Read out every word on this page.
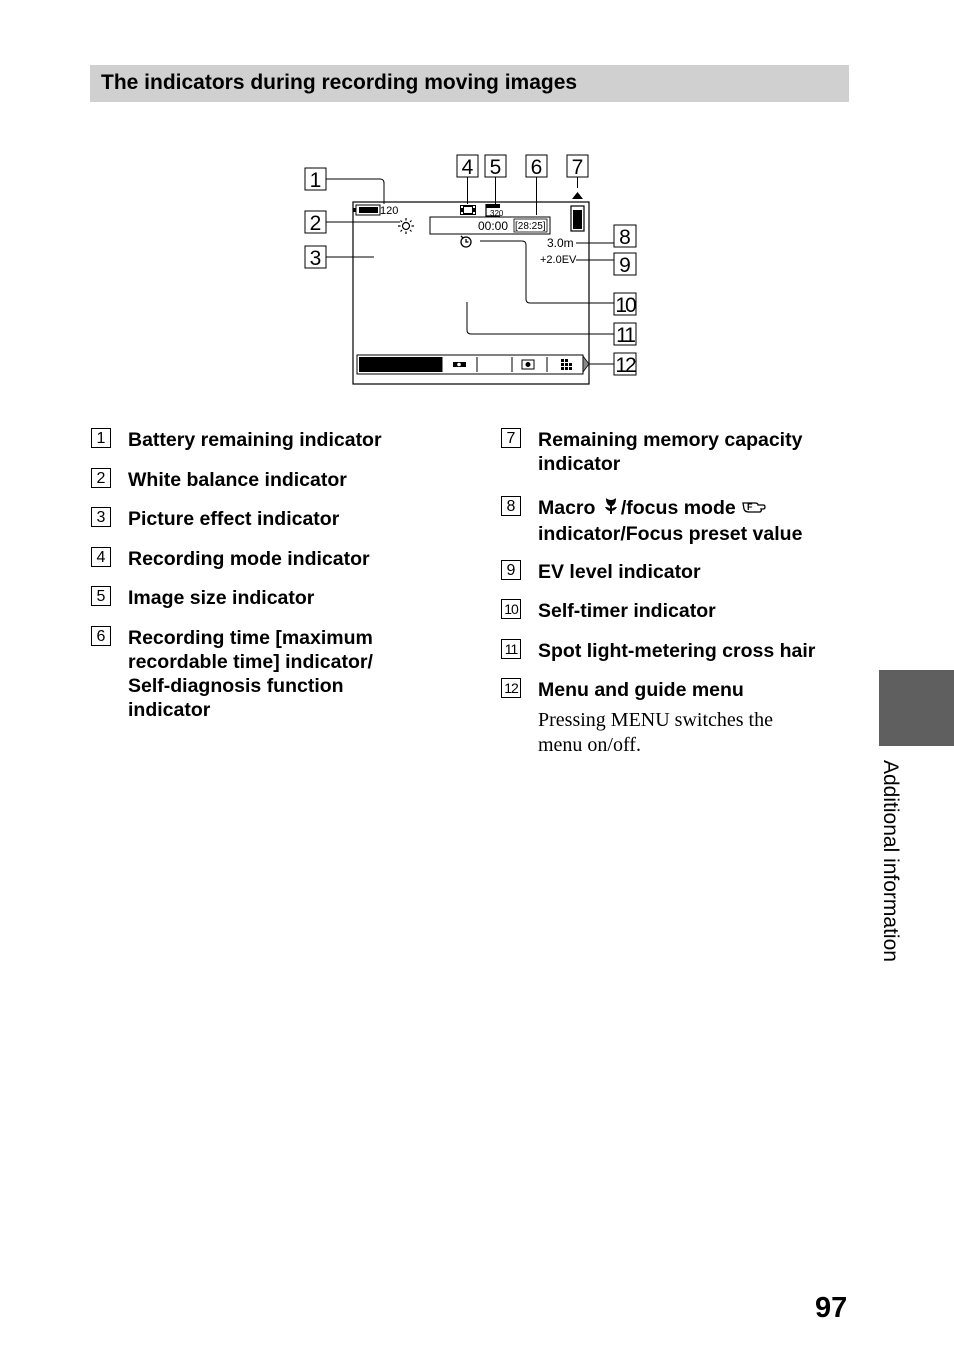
The indicators during recording moving images
1
2
3
4 5 6 7
8
9
10
11
12
120	320
00:00 [28:25]
3.0m
+2.0EV
1 Battery remaining indicator
2 White balance indicator
3 Picture effect indicator
4 Recording mode indicator
5 Image size indicator
6 Recording time [maximum
recordable time] indicator/
Self-diagnosis function
indicator
7 Remaining memory capacity
indicator
8 Macro /focus mode F
indicator/Focus preset value
9 EV level indicator
10 Self-timer indicator
11 Spot light-metering cross hair
12 Menu and guide menu
Pressing MENU switches the
menu on/off.
Additional information
97
